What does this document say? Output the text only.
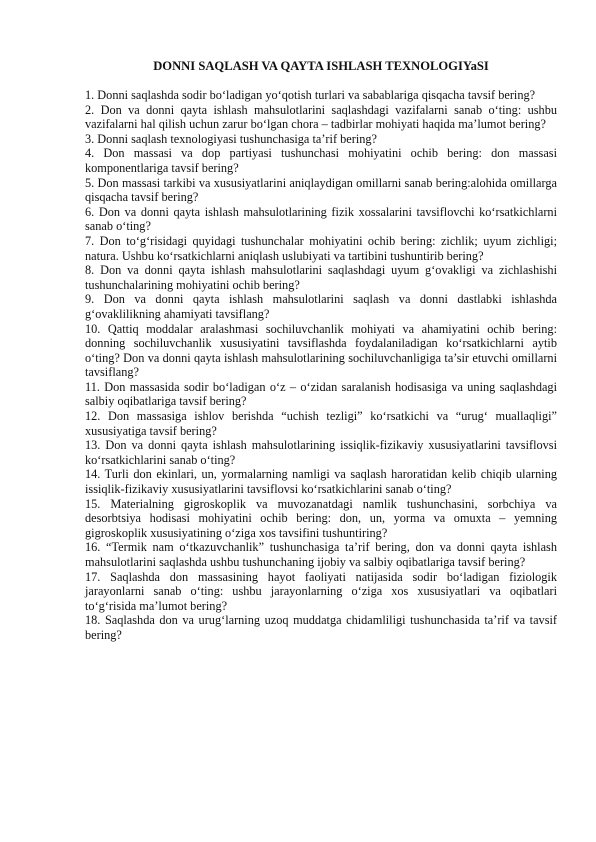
DONNI SAQLASH VA QAYTA ISHLASH TEXNOLOGIYaSI

1. Donni saqlashda sodir bo‘ladigan yo‘qotish turlari va sabablariga qisqacha tavsif bering?

2. Don va donni qayta ishlash mahsulotlarini saqlashdagi vazifalarni sanab o‘ting: ushbu vazifalarni hal qilish uchun zarur bo‘lgan chora – tadbirlar mohiyati haqida ma’lumot bering?

3. Donni saqlash texnologiyasi tushunchasiga ta’rif bering?

4. Don massasi va dop partiyasi tushunchasi mohiyatini ochib bering: don massasi komponentlariga tavsif bering?

5. Don massasi tarkibi va xususiyatlarini aniqlaydigan omillarni sanab bering:alohida omillarga qisqacha tavsif bering?

6. Don va donni qayta ishlash mahsulotlarining fizik xossalarini tavsiflovchi ko‘rsatkichlarni sanab o‘ting?

7. Don to‘g‘risidagi quyidagi tushunchalar mohiyatini ochib bering: zichlik; uyum zichligi; natura. Ushbu ko‘rsatkichlarni aniqlash uslubiyati va tartibini tushuntirib bering?

8. Don va donni qayta ishlash mahsulotlarini saqlashdagi uyum g‘ovakligi va zichlashishi tushunchalarining mohiyatini ochib bering?

9. Don va donni qayta ishlash mahsulotlarini saqlash va donni dastlabki ishlashda g‘ovaklilikning ahamiyati tavsiflang?

10. Qattiq moddalar aralashmasi sochiluvchanlik mohiyati va ahamiyatini ochib bering: donning sochiluvchanlik xususiyatini tavsiflashda foydalaniladigan ko‘rsatkichlarni aytib o‘ting? Don va donni qayta ishlash mahsulotlarining sochiluvchanligiga ta’sir etuvchi omillarni tavsiflang?

11. Don massasida sodir bo‘ladigan o‘z – o‘zidan saralanish hodisasiga va uning saqlashdagi salbiy oqibatlariga tavsif bering?

12. Don massasiga ishlov berishda “uchish tezligi” ko‘rsatkichi va “urug‘ muallaqligi” xususiyatiga tavsif bering?

13. Don va donni qayta ishlash mahsulotlarining issiqlik-fizikaviy xususiyatlarini tavsiflovsi ko‘rsatkichlarini sanab o‘ting?

14. Turli don ekinlari, un, yormalarning namligi va saqlash haroratidan kelib chiqib ularning issiqlik-fizikaviy xususiyatlarini tavsiflovsi ko‘rsatkichlarini sanab o‘ting?

15. Materialning gigroskoplik va muvozanatdagi namlik tushunchasini, sorbchiya va desorbtsiya hodisasi mohiyatini ochib bering: don, un, yorma va omuxta – yemning gigroskoplik xususiyatining o‘ziga xos tavsifini tushuntiring?

16. “Termik nam o‘tkazuvchanlik” tushunchasiga ta’rif bering, don va donni qayta ishlash mahsulotlarini saqlashda ushbu tushunchaning ijobiy va salbiy oqibatlariga tavsif bering?

17. Saqlashda don massasining hayot faoliyati natijasida sodir bo‘ladigan fiziologik jarayonlarni sanab o‘ting: ushbu jarayonlarning o‘ziga xos xususiyatlari va oqibatlari to‘g‘risida ma’lumot bering?

18. Saqlashda don va urug‘larning uzoq muddatga chidamliligi tushunchasida ta’rif va tavsif bering?
